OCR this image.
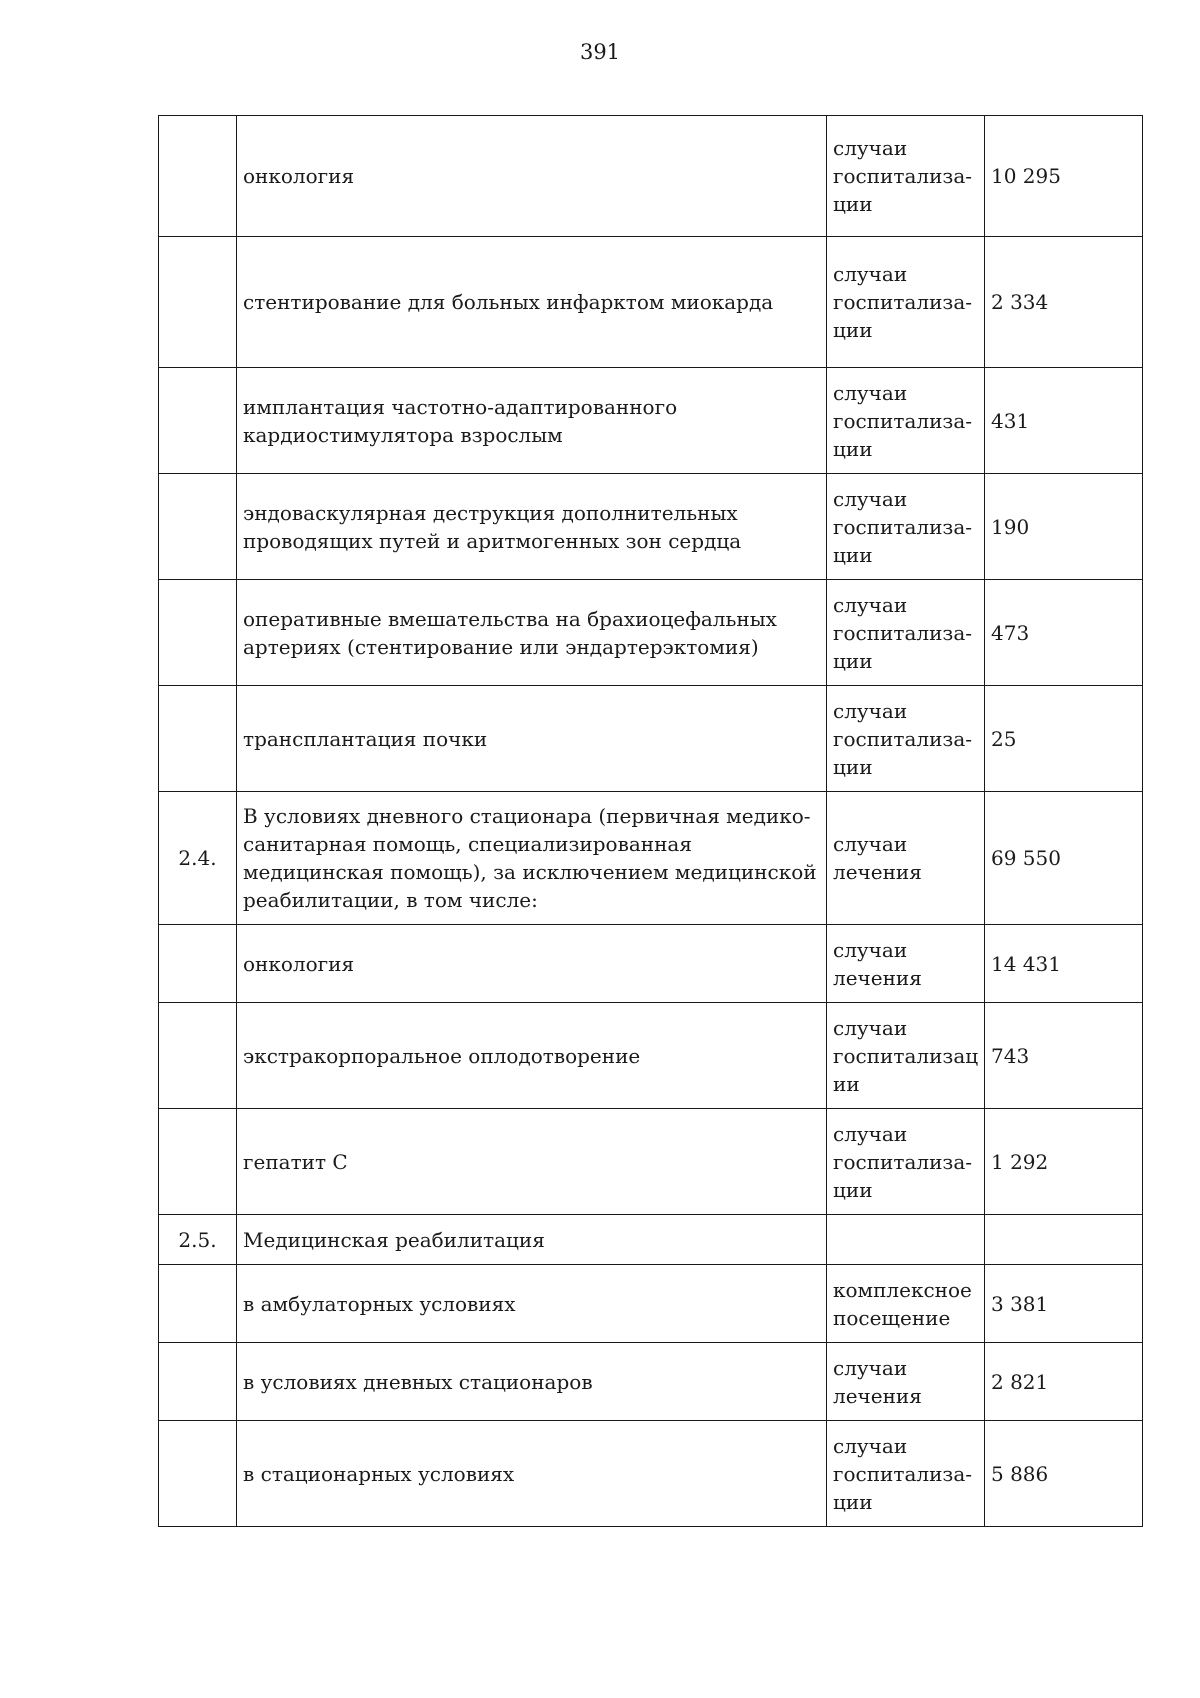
391
	онкология	случаи
госпитализа-
ции	10 295
	стентирование для больных инфарктом миокарда	случаи
госпитализа-
ции	2 334
	имплантация частотно-адаптированного кардиостимулятора взрослым	случаи
госпитализа-
ции	431
	эндоваскулярная деструкция дополнительных проводящих путей и аритмогенных зон сердца	случаи
госпитализа-
ции	190
	оперативные вмешательства на брахиоцефальных артериях (стентирование или эндартерэктомия)	случаи
госпитализа-
ции	473
	трансплантация почки	случаи
госпитализа-
ции	25
2.4.	В условиях дневного стационара (первичная медико-санитарная помощь, специализированная медицинская помощь), за исключением медицинской реабилитации, в том числе:	случаи
лечения	69 550
	онкология	случаи
лечения	14 431
	экстракорпоральное оплодотворение	случаи
госпитализац
ии	743
	гепатит С	случаи
госпитализа-
ции	1 292
2.5.	Медицинская реабилитация		
	в амбулаторных условиях	комплексное
посещение	3 381
	в условиях дневных стационаров	случаи
лечения	2 821
	в стационарных условиях	случаи
госпитализа-
ции	5 886
